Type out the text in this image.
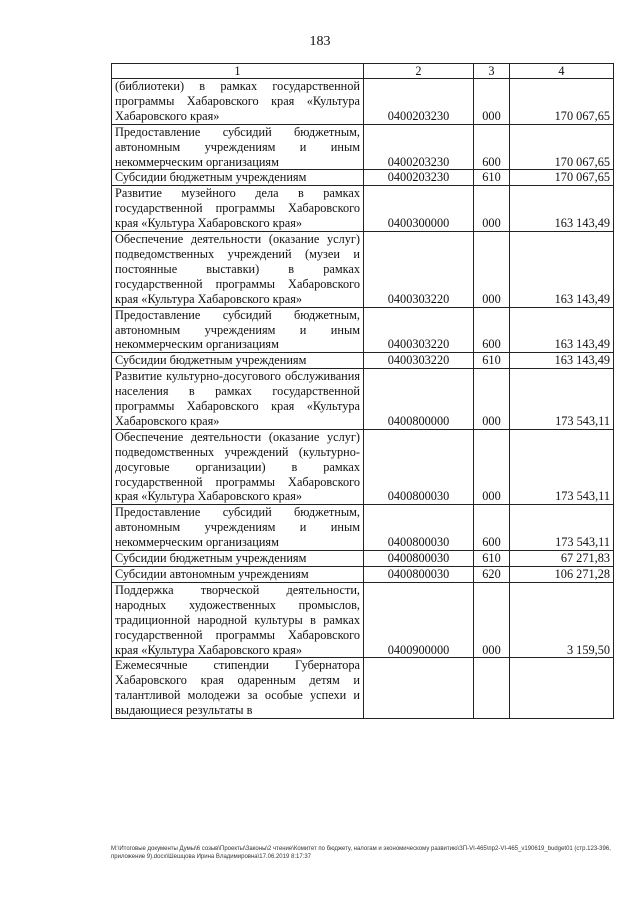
183
1	2	3	4
(библиотеки) в рамках государственной программы Хабаровского края «Культура Хабаровского края»	0400203230	000	170 067,65
Предоставление субсидий бюджетным, автономным учреждениям и иным некоммерческим организациям	0400203230	600	170 067,65
Субсидии бюджетным учреждениям	0400203230	610	170 067,65
Развитие музейного дела в рамках государственной программы Хабаровского края «Культура Хабаровского края»	0400300000	000	163 143,49
Обеспечение деятельности (оказание услуг) подведомственных учреждений (музеи и постоянные выставки) в рамках государственной программы Хабаровского края «Культура Хабаровского края»	0400303220	000	163 143,49
Предоставление субсидий бюджетным, автономным учреждениям и иным некоммерческим организациям	0400303220	600	163 143,49
Субсидии бюджетным учреждениям	0400303220	610	163 143,49
Развитие культурно-досугового обслуживания населения в рамках государственной программы Хабаровского края «Культура Хабаровского края»	0400800000	000	173 543,11
Обеспечение деятельности (оказание услуг) подведомственных учреждений (культурно-досуговые организации) в рамках государственной программы Хабаровского края «Культура Хабаровского края»	0400800030	000	173 543,11
Предоставление субсидий бюджетным, автономным учреждениям и иным некоммерческим организациям	0400800030	600	173 543,11
Субсидии бюджетным учреждениям	0400800030	610	67 271,83
Субсидии автономным учреждениям	0400800030	620	106 271,28
Поддержка творческой деятельности, народных художественных промыслов, традиционной народной культуры в рамках государственной программы Хабаровского края «Культура Хабаровского края»	0400900000	000	3 159,50
Ежемесячные стипендии Губернатора Хабаровского края одаренным детям и талантливой молодежи за особые успехи и выдающиеся результаты в			
M:\Итоговые документы Думы\6 созыв\Проекты\Законы\2 чтение\Комитет по бюджету, налогам и экономическому развитию\ЗП-VI-465\пр2-VI-465_v190619_budget01 (стр.123-396, приложение 9).docx\Шешцова Ирина Владимировна\17.06.2019 8:17:37
